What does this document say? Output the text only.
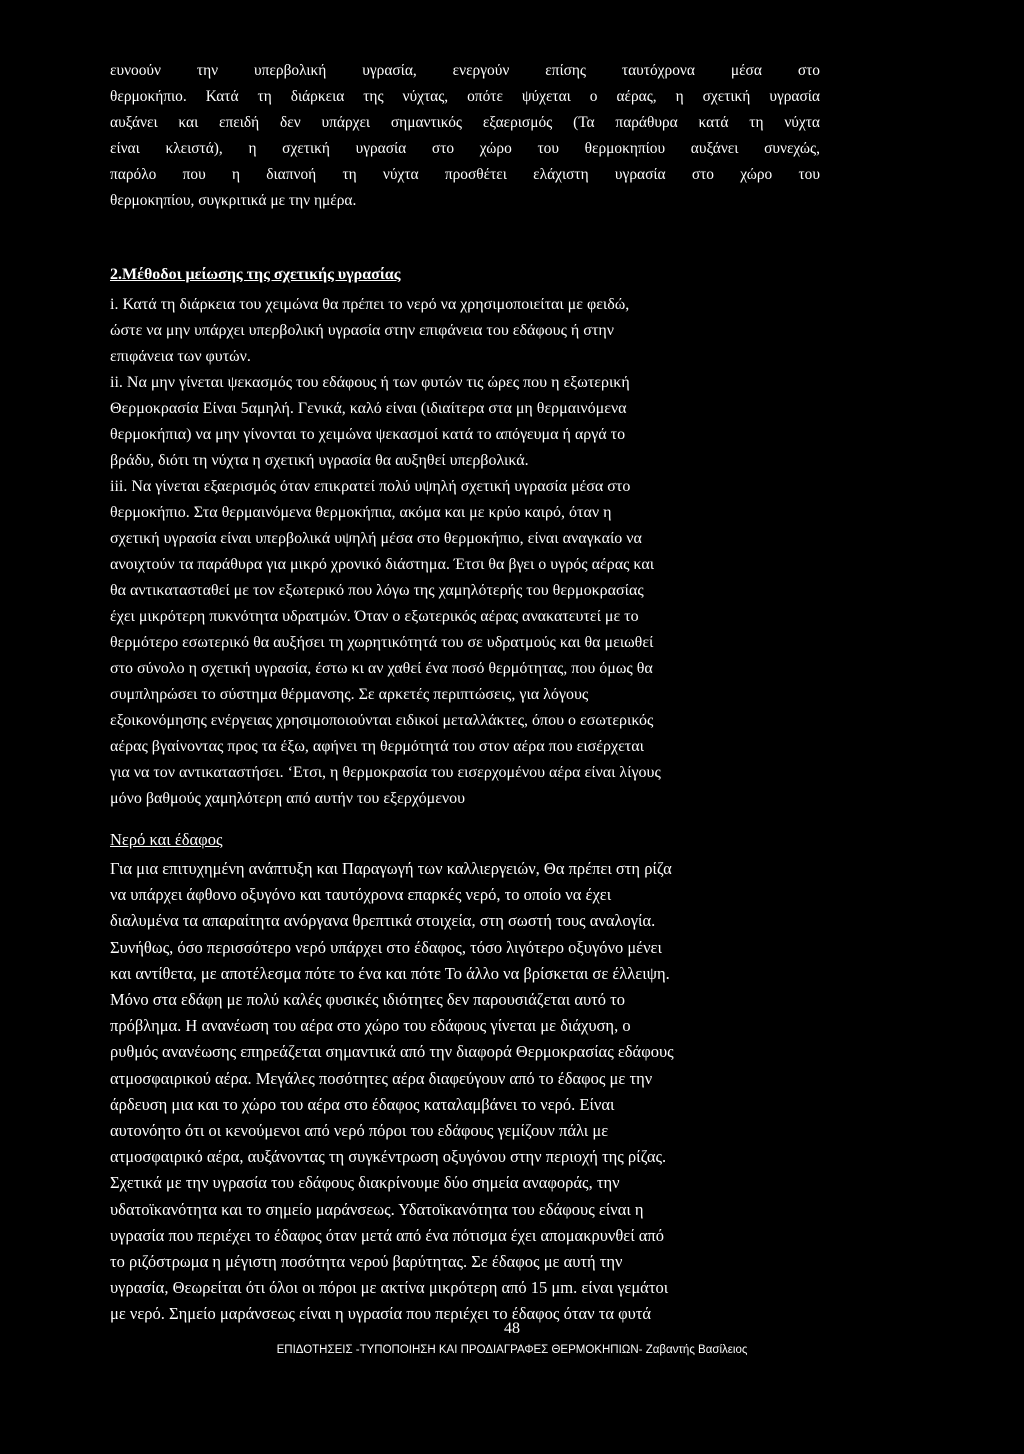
ευνοούν την υπερβολική υγρασία, ενεργούν επίσης ταυτόχρονα μέσα στο
θερμοκήπιο. Κατά τη διάρκεια της νύχτας, οπότε ψύχεται ο αέρας, η σχετική υγρασία
αυξάνει και επειδή δεν υπάρχει σημαντικός εξαερισμός (Τα παράθυρα κατά τη νύχτα
είναι κλειστά), η σχετική υγρασία στο χώρο του θερμοκηπίου αυξάνει συνεχώς,
παρόλο που η διαπνοή τη νύχτα προσθέτει ελάχιστη υγρασία στο χώρο του
θερμοκηπίου, συγκριτικά με την ημέρα.

2.Μέθοδοι μείωσης της σχετικής υγρασίας

i. Κατά τη διάρκεια του χειμώνα θα πρέπει το νερό να χρησιμοποιείται με φειδώ,
ώστε να μην υπάρχει υπερβολική υγρασία στην επιφάνεια του εδάφους ή στην
επιφάνεια των φυτών.
ii. Να μην γίνεται ψεκασμός του εδάφους ή των φυτών τις ώρες που η εξωτερική
Θερμοκρασία Είναι 5αμηλή. Γενικά, καλό είναι (ιδιαίτερα στα μη θερμαινόμενα
θερμοκήπια) να μην γίνονται το χειμώνα ψεκασμοί κατά το απόγευμα ή αργά το
βράδυ, διότι τη νύχτα η σχετική υγρασία θα αυξηθεί υπερβολικά.
iii. Να γίνεται εξαερισμός όταν επικρατεί πολύ υψηλή σχετική υγρασία μέσα στο
θερμοκήπιο. Στα θερμαινόμενα θερμοκήπια, ακόμα και με κρύο καιρό, όταν η
σχετική υγρασία είναι υπερβολικά υψηλή μέσα στο θερμοκήπιο, είναι αναγκαίο να
ανοιχτούν τα παράθυρα για μικρό χρονικό διάστημα. Έτσι θα βγει ο υγρός αέρας και
θα αντικατασταθεί με τον εξωτερικό που λόγω της χαμηλότερής του θερμοκρασίας
έχει μικρότερη πυκνότητα υδρατμών. Όταν ο εξωτερικός αέρας ανακατευτεί με το
θερμότερο εσωτερικό θα αυξήσει τη χωρητικότητά του σε υδρατμούς και θα μειωθεί
στο σύνολο η σχετική υγρασία, έστω κι αν χαθεί ένα ποσό θερμότητας, που όμως θα
συμπληρώσει το σύστημα θέρμανσης. Σε αρκετές περιπτώσεις, για λόγους
εξοικονόμησης ενέργειας χρησιμοποιούνται ειδικοί μεταλλάκτες, όπου ο εσωτερικός
αέρας βγαίνοντας προς τα έξω, αφήνει τη θερμότητά του στον αέρα που εισέρχεται
για να τον αντικαταστήσει. ‘Ετσι, η θερμοκρασία του εισερχομένου αέρα είναι λίγους
μόνο βαθμούς χαμηλότερη από αυτήν του εξερχόμενου

Νερό και έδαφος

Για μια επιτυχημένη ανάπτυξη και Παραγωγή των καλλιεργειών, Θα πρέπει στη ρίζα
να υπάρχει άφθονο οξυγόνο και ταυτόχρονα επαρκές νερό, το οποίο να έχει
διαλυμένα τα απαραίτητα ανόργανα θρεπτικά στοιχεία, στη σωστή τους αναλογία.
Συνήθως, όσο περισσότερο νερό υπάρχει στο έδαφος, τόσο λιγότερο οξυγόνο μένει
και αντίθετα, με αποτέλεσμα πότε το ένα και πότε Το άλλο να βρίσκεται σε έλλειψη.
Μόνο στα εδάφη με πολύ καλές φυσικές ιδιότητες δεν παρουσιάζεται αυτό το
πρόβλημα. Η ανανέωση του αέρα στο χώρο του εδάφους γίνεται με διάχυση, ο
ρυθμός ανανέωσης επηρεάζεται σημαντικά από την διαφορά Θερμοκρασίας εδάφους
ατμοσφαιρικού αέρα. Μεγάλες ποσότητες αέρα διαφεύγουν από το έδαφος με την
άρδευση μια και το χώρο του αέρα στο έδαφος καταλαμβάνει το νερό. Είναι
αυτονόητο ότι οι κενούμενοι από νερό πόροι του εδάφους γεμίζουν πάλι με
ατμοσφαιρικό αέρα, αυξάνοντας τη συγκέντρωση οξυγόνου στην περιοχή της ρίζας.
Σχετικά με την υγρασία του εδάφους διακρίνουμε δύο σημεία αναφοράς, την
υδατοϊκανότητα και το σημείο μαράνσεως. Υδατοϊκανότητα του εδάφους είναι η
υγρασία που περιέχει το έδαφος όταν μετά από ένα πότισμα έχει απομακρυνθεί από
το ριζόστρωμα η μέγιστη ποσότητα νερού βαρύτητας. Σε έδαφος με αυτή την
υγρασία, Θεωρείται ότι όλοι οι πόροι με ακτίνα μικρότερη από 15 μm. είναι γεμάτοι
με νερό. Σημείο μαράνσεως είναι η υγρασία που περιέχει το έδαφος όταν τα φυτά

48

ΕΠΙΔΟΤΗΣΕΙΣ -ΤΥΠΟΠΟΙΗΣΗ ΚΑΙ ΠΡΟΔΙΑΓΡΑΦΕΣ ΘΕΡΜΟΚΗΠΙΩΝ- Ζαβαντής Βασίλειος
